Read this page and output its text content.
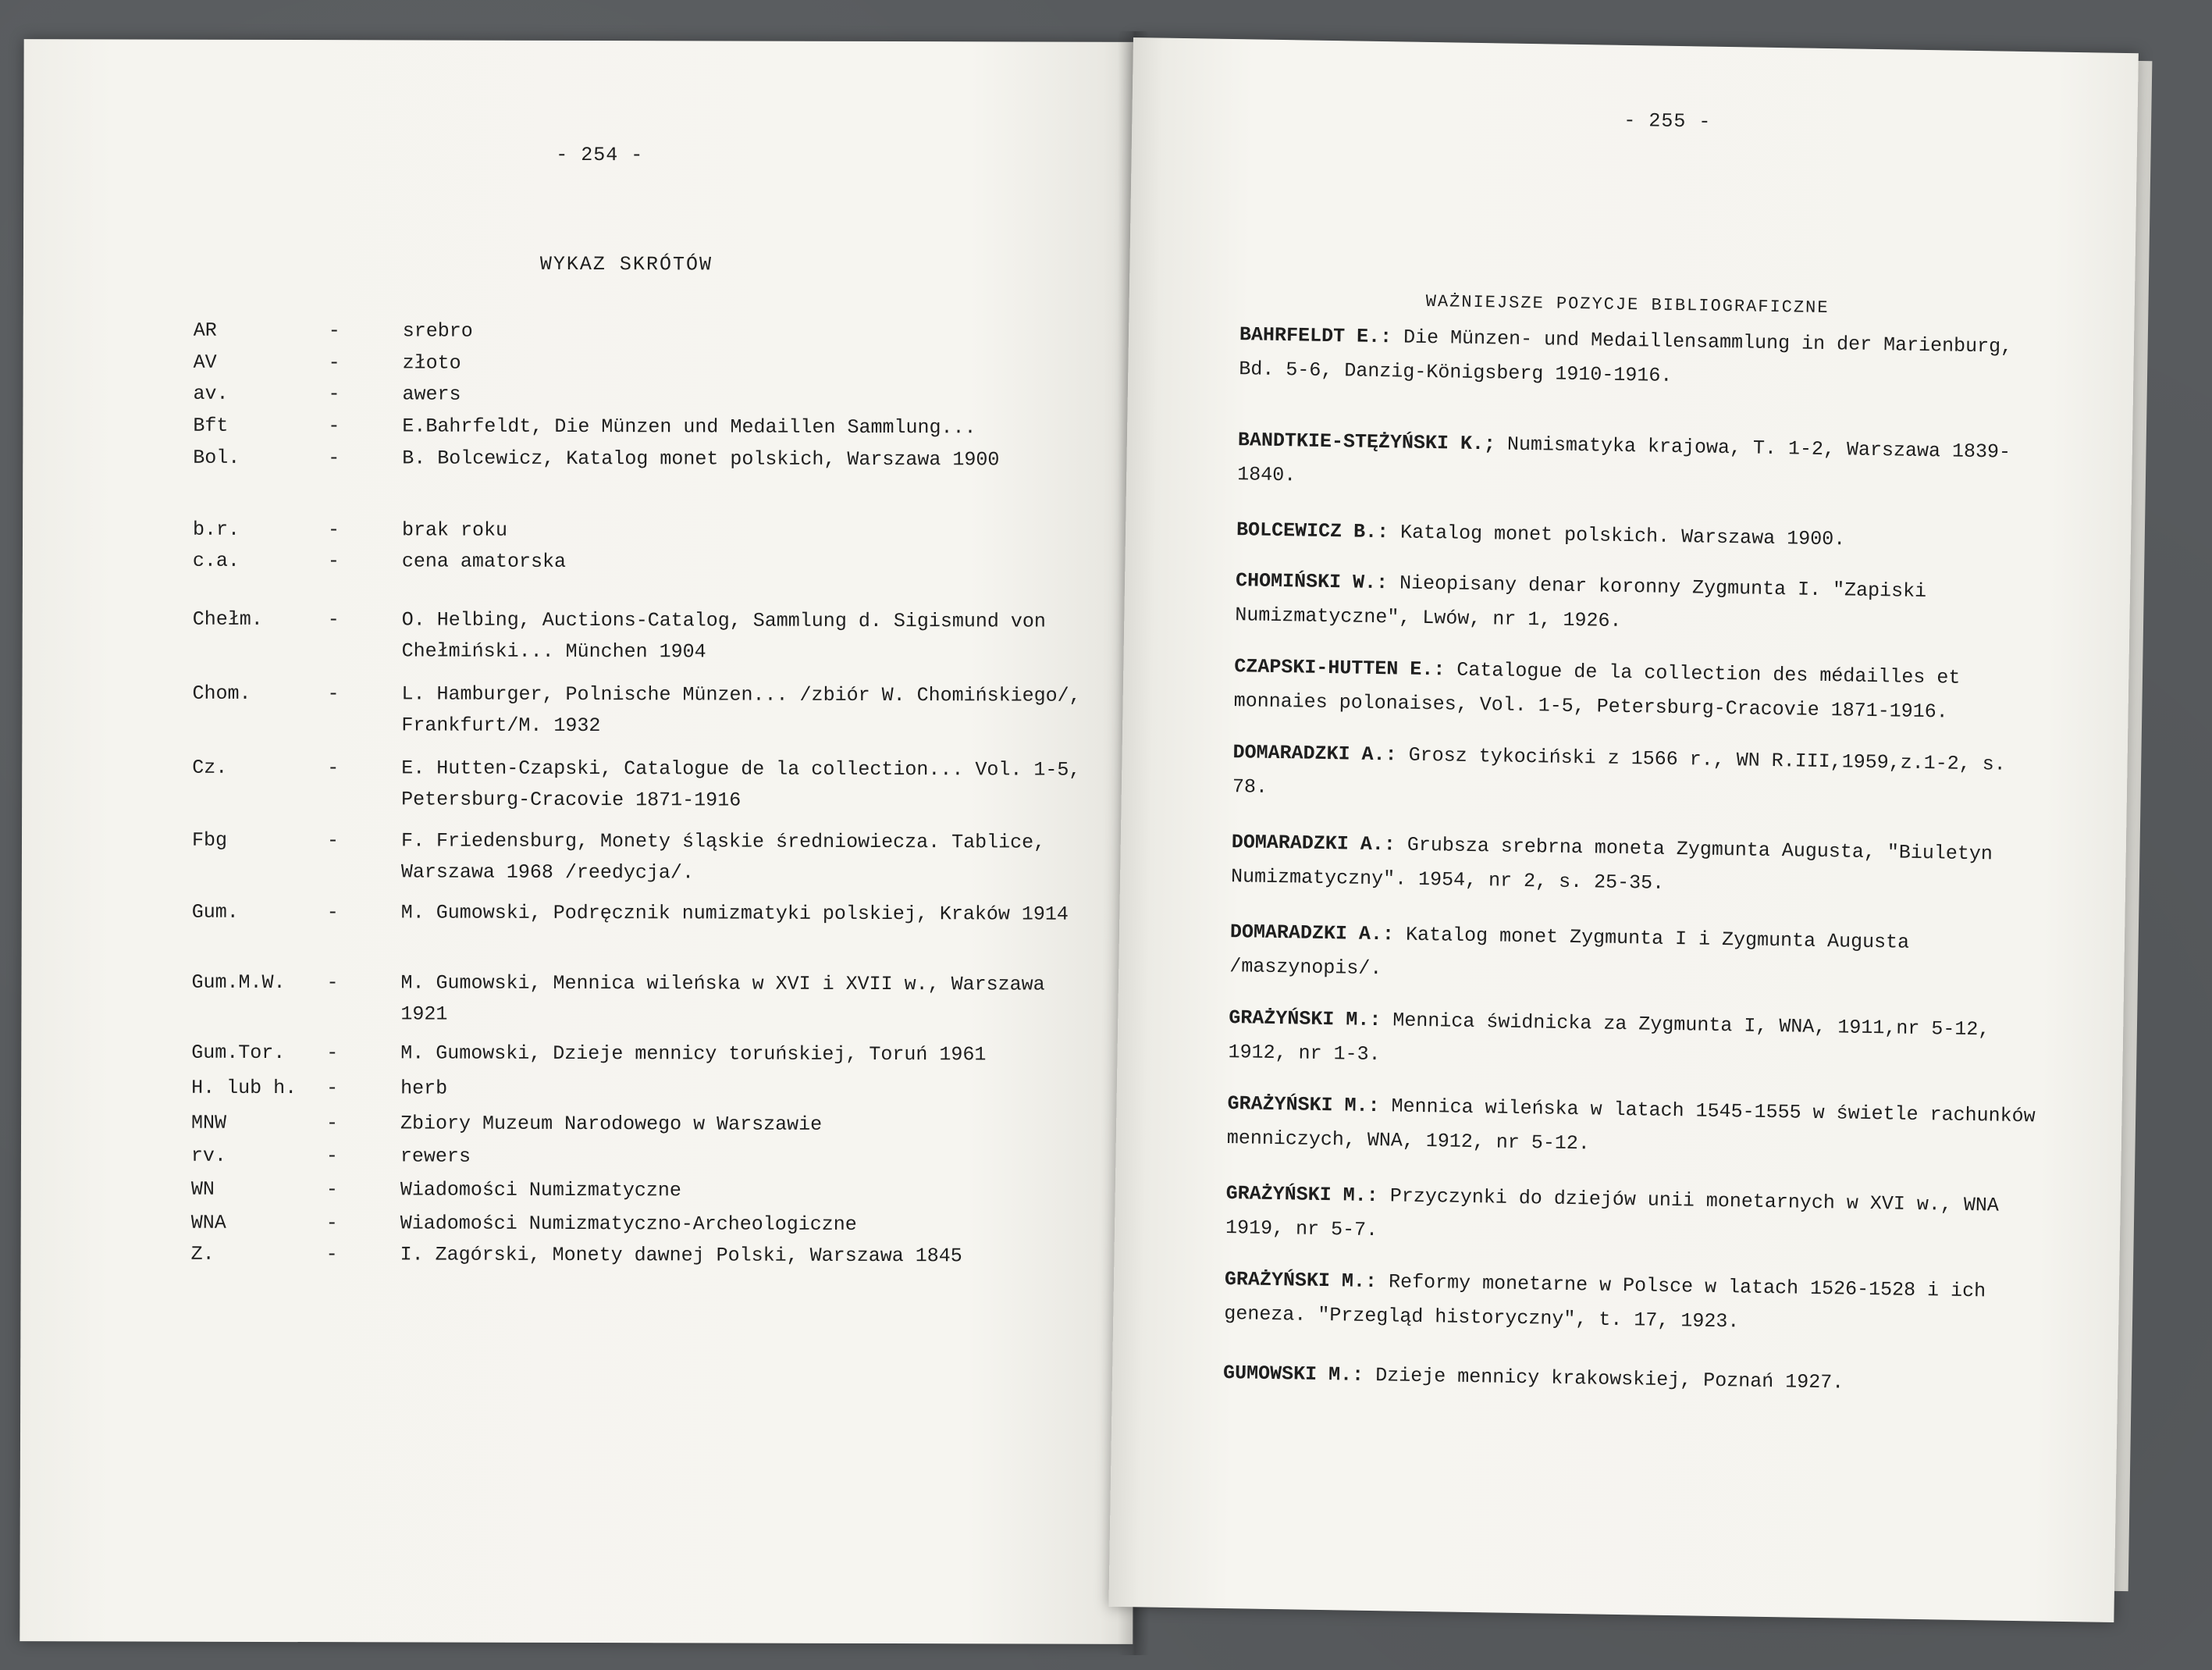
- 254 -
WYKAZ SKRÓTÓW
AR	-	srebro
AV	-	złoto
av.	-	awers
Bft	-	E.Bahrfeldt, Die Münzen und Medaillen Sammlung...
Bol.	-	B. Bolcewicz, Katalog monet polskich, Warszawa 1900
b.r.	-	brak roku
c.a.	-	cena amatorska
Chełm.	-	O. Helbing, Auctions-Catalog, Sammlung d. Sigismund von Chełmiński... München 1904
Chom.	-	L. Hamburger, Polnische Münzen... /zbiór W. Chomińskiego/, Frankfurt/M. 1932
Cz.	-	E. Hutten-Czapski, Catalogue de la collection... Vol. 1-5, Petersburg-Cracovie 1871-1916
Fbg	-	F. Friedensburg, Monety śląskie średniowiecza. Tablice, Warszawa 1968 /reedycja/.
Gum.	-	M. Gumowski, Podręcznik numizmatyki polskiej, Kraków 1914
Gum.M.W. -	M. Gumowski, Mennica wileńska w XVI i XVII w., Warszawa 1921
Gum.Tor. -	M. Gumowski, Dzieje mennicy toruńskiej, Toruń 1961
H. lub h. -	herb
MNW	-	Zbiory Muzeum Narodowego w Warszawie
rv.	-	rewers
WN	-	Wiadomości Numizmatyczne
WNA	-	Wiadomości Numizmatyczno-Archeologiczne
Z.	-	I. Zagórski, Monety dawnej Polski, Warszawa 1845
- 255 -
WAŻNIEJSZE POZYCJE BIBLIOGRAFICZNE
BAHRFELDT E.: Die Münzen- und Medaillensammlung in der Marienburg, Bd. 5-6, Danzig-Königsberg 1910-1916.
BANDTKIE-STĘŻYŃSKI K.; Numismatyka krajowa, T. 1-2, Warszawa 1839-1840.
BOLCEWICZ B.: Katalog monet polskich. Warszawa 1900.
CHOMIŃSKI W.: Nieopisany denar koronny Zygmunta I. "Zapiski Numizmatyczne", Lwów, nr 1, 1926.
CZAPSKI-HUTTEN E.: Catalogue de la collection des médailles et monnaies polonaises, Vol. 1-5, Petersburg-Cracovie 1871-1916.
DOMARADZKI A.: Grosz tykociński z 1566 r., WN R.III,1959,z.1-2, s. 78.
DOMARADZKI A.: Grubsza srebrna moneta Zygmunta Augusta, "Biuletyn Numizmatyczny". 1954, nr 2, s. 25-35.
DOMARADZKI A.: Katalog monet Zygmunta I i Zygmunta Augusta /maszynopis/.
GRAŻYŃSKI M.: Mennica świdnicka za Zygmunta I, WNA, 1911,nr 5-12, 1912, nr 1-3.
GRAŻYŃSKI M.: Mennica wileńska w latach 1545-1555 w świetle rachunków menniczych, WNA, 1912, nr 5-12.
GRAŻYŃSKI M.: Przyczynki do dziejów unii monetarnych w XVI w., WNA 1919, nr 5-7.
GRAŻYŃSKI M.: Reformy monetarne w Polsce w latach 1526-1528 i ich geneza. "Przegląd historyczny", t. 17, 1923.
GUMOWSKI M.: Dzieje mennicy krakowskiej, Poznań 1927.
